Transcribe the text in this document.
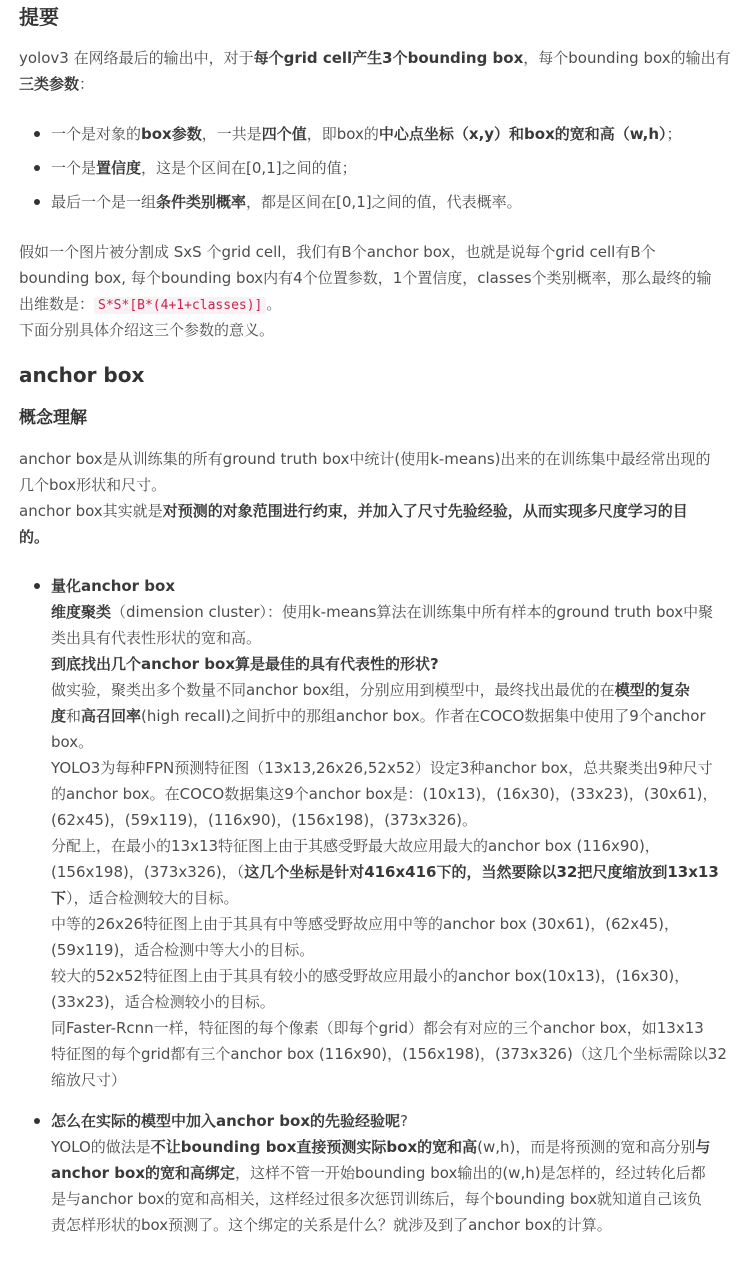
提要
yolov3 在网络最后的输出中，对于每个grid cell产生3个bounding box，每个bounding box的输出有
三类参数：
一个是对象的box参数，一共是四个值，即box的中心点坐标（x,y）和box的宽和高（w,h）；
一个是置信度，这是个区间在[0,1]之间的值；
最后一个是一组条件类别概率，都是区间在[0,1]之间的值，代表概率。
假如一个图片被分割成 SxS 个grid cell，我们有B个anchor box，也就是说每个grid cell有B个
bounding box, 每个bounding box内有4个位置参数，1个置信度，classes个类别概率，那么最终的输
出维数是： S*S*[B*(4+1+classes)] 。
下面分别具体介绍这三个参数的意义。
anchor box
概念理解
anchor box是从训练集的所有ground truth box中统计(使用k-means)出来的在训练集中最经常出现的
几个box形状和尺寸。
anchor box其实就是对预测的对象范围进行约束，并加入了尺寸先验经验，从而实现多尺度学习的目
的。
量化anchor box
维度聚类（dimension cluster）：使用k-means算法在训练集中所有样本的ground truth box中聚
类出具有代表性形状的宽和高。
到底找出几个anchor box算是最佳的具有代表性的形状?
做实验，聚类出多个数量不同anchor box组，分别应用到模型中，最终找出最优的在模型的复杂
度和高召回率(high recall)之间折中的那组anchor box。作者在COCO数据集中使用了9个anchor
box。
YOLO3为每种FPN预测特征图（13x13,26x26,52x52）设定3种anchor box，总共聚类出9种尺寸
的anchor box。在COCO数据集这9个anchor box是：(10x13)，(16x30)，(33x23)，(30x61)，
(62x45)，(59x119)，(116x90)，(156x198)，(373x326)。
分配上，在最小的13x13特征图上由于其感受野最大故应用最大的anchor box (116x90)，
(156x198)，(373x326)，（这几个坐标是针对416x416下的，当然要除以32把尺度缩放到13x13
下），适合检测较大的目标。
中等的26x26特征图上由于其具有中等感受野故应用中等的anchor box (30x61)，(62x45)，
(59x119)，适合检测中等大小的目标。
较大的52x52特征图上由于其具有较小的感受野故应用最小的anchor box(10x13)，(16x30)，
(33x23)，适合检测较小的目标。
同Faster-Rcnn一样，特征图的每个像素（即每个grid）都会有对应的三个anchor box，如13x13
特征图的每个grid都有三个anchor box (116x90)，(156x198)，(373x326)（这几个坐标需除以32
缩放尺寸）
怎么在实际的模型中加入anchor box的先验经验呢?
YOLO的做法是不让bounding box直接预测实际box的宽和高(w,h)，而是将预测的宽和高分别与
anchor box的宽和高绑定，这样不管一开始bounding box输出的(w,h)是怎样的，经过转化后都
是与anchor box的宽和高相关，这样经过很多次惩罚训练后，每个bounding box就知道自己该负
责怎样形状的box预测了。这个绑定的关系是什么？就涉及到了anchor box的计算。
